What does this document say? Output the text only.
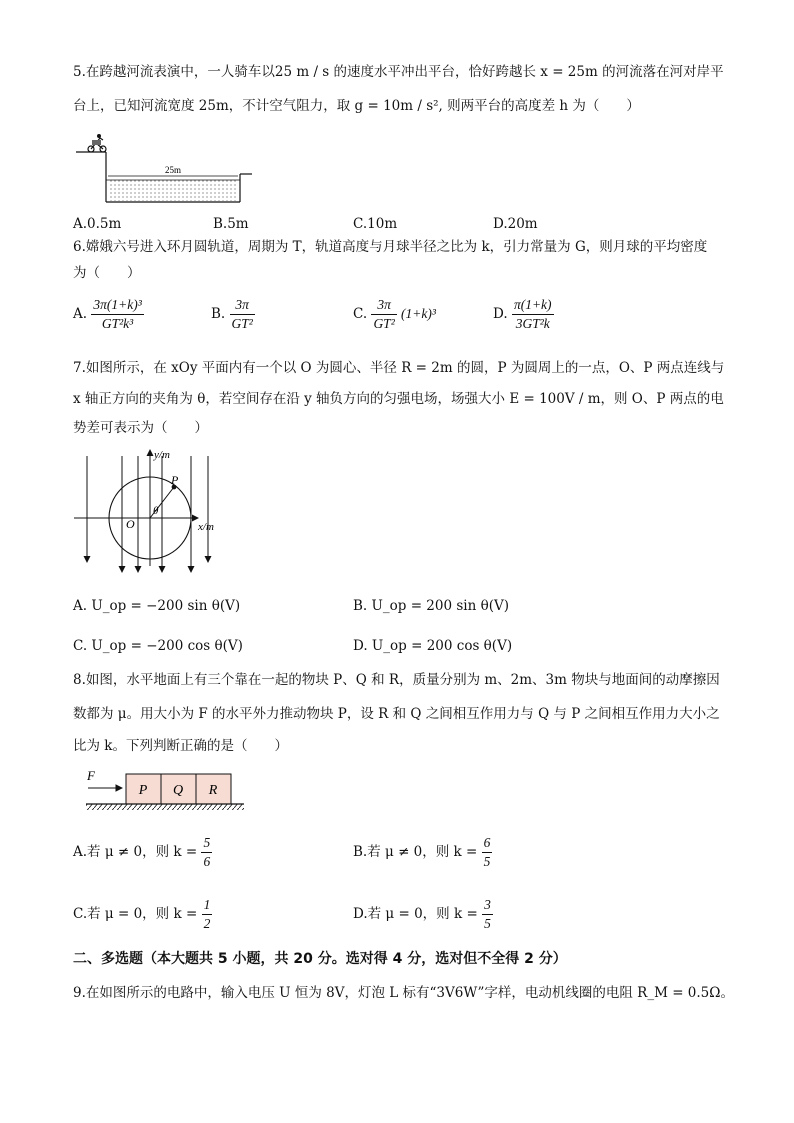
5.在跨越河流表演中，一人骑车以25 m / s 的速度水平冲出平台，恰好跨越长 x = 25m 的河流落在河对岸平
台上，已知河流宽度 25m，不计空气阻力，取 g = 10m / s², 则两平台的高度差 h 为（　　）
25m
A.0.5m	B.5m	C.10m	D.20m
6.嫦娥六号进入环月圆轨道，周期为 T，轨道高度与月球半径之比为 k，引力常量为 G，则月球的平均密度
为（　　）
A. $\frac{\text{3π(1+k)³}}{\text{GT²k³}}$	B. $\frac{3\pi}{\text{GT²}}$	C. $\frac{3\pi}{\text{GT²}} (1+k)^3$	D. $\frac{\pi(1+k)}{\text{3GT²k}}$
7.如图所示，在 xOy 平面内有一个以 O 为圆心、半径 R = 2m 的圆，P 为圆周上的一点，O、P 两点连线与
x 轴正方向的夹角为 θ，若空间存在沿 y 轴负方向的匀强电场，场强大小 E = 100V / m，则 O、P 两点的电
势差可表示为（　　）
P
y/m
x/m
O
θ
A. U_op = −200 sin θ(V)	B. U_op = 200 sin θ(V)
C. U_op = −200 cos θ(V)	D. U_op = 200 cos θ(V)
8.如图，水平地面上有三个靠在一起的物块 P、Q 和 R，质量分别为 m、2m、3m 物块与地面间的动摩擦因
数都为 μ。用大小为 F 的水平外力推动物块 P，设 R 和 Q 之间相互作用力与 Q 与 P 之间相互作用力大小之
比为 k。下列判断正确的是（　　）
F
P Q R
A.若 μ ≠ 0，则 $k = \frac{5}{6}$	B.若 μ ≠ 0，则 $k = \frac{6}{5}$
C.若 μ = 0，则 $k = \frac{1}{2}$	D.若 μ = 0，则 $k = \frac{3}{5}$
二、多选题（本大题共 5 小题，共 20 分。选对得 4 分，选对但不全得 2 分）
9.在如图所示的电路中，输入电压 U 恒为 8V，灯泡 L 标有“3V6W”字样，电动机线圈的电阻 R_M = 0.5Ω。
